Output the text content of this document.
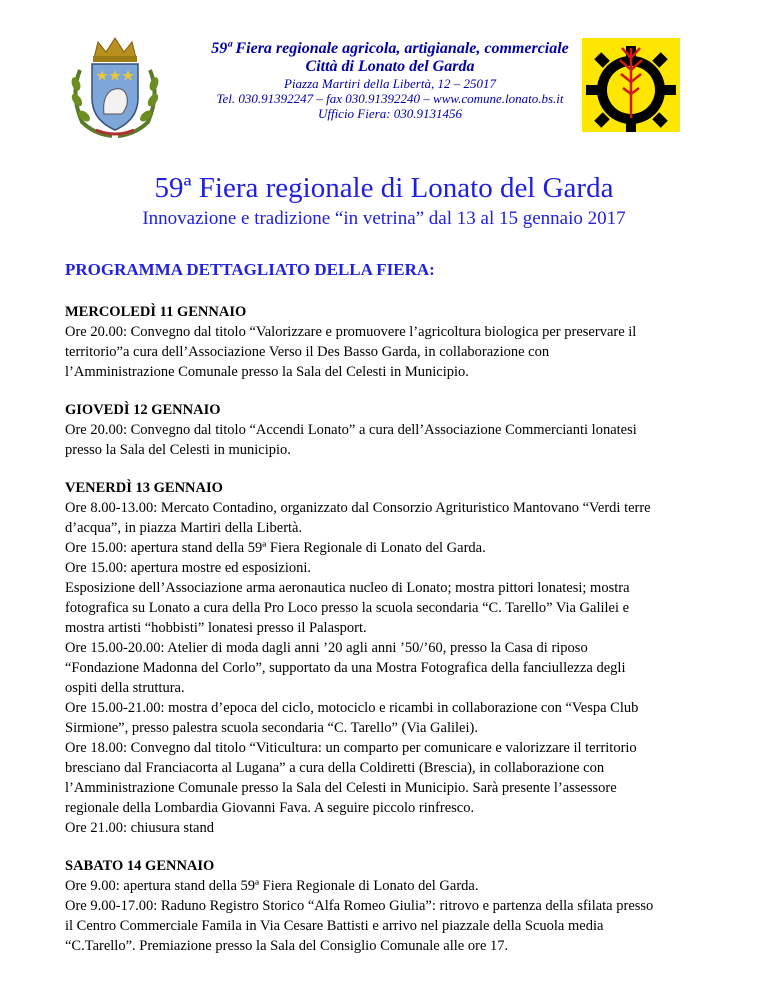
59ª Fiera regionale agricola, artigianale, commerciale
Città di Lonato del Garda
Piazza Martiri della Libertà, 12 – 25017
Tel. 030.91392247 – fax 030.91392240 – www.comune.lonato.bs.it
Ufficio Fiera: 030.9131456
59ª Fiera regionale di Lonato del Garda
Innovazione e tradizione “in vetrina” dal 13 al 15 gennaio 2017
PROGRAMMA DETTAGLIATO DELLA FIERA:
MERCOLEDÌ 11 GENNAIO
Ore 20.00: Convegno dal titolo “Valorizzare e promuovere l’agricoltura biologica per preservare il
territorio”a cura dell’Associazione Verso il Des Basso Garda, in collaborazione con
l’Amministrazione Comunale presso la Sala del Celesti in Municipio.
GIOVEDÌ 12 GENNAIO
Ore 20.00: Convegno dal titolo “Accendi Lonato” a cura dell’Associazione Commercianti lonatesi
presso la Sala del Celesti in municipio.
VENERDÌ 13 GENNAIO
Ore 8.00-13.00: Mercato Contadino, organizzato dal Consorzio Agrituristico Mantovano “Verdi terre
d’acqua”, in piazza Martiri della Libertà.
Ore 15.00: apertura stand della 59ª Fiera Regionale di Lonato del Garda.
Ore 15.00: apertura mostre ed esposizioni.
Esposizione dell’Associazione arma aeronautica nucleo di Lonato; mostra pittori lonatesi; mostra
fotografica su Lonato a cura della Pro Loco presso la scuola secondaria “C. Tarello” Via Galilei e
mostra artisti “hobbisti” lonatesi presso il Palasport.
Ore 15.00-20.00: Atelier di moda dagli anni ’20 agli anni ’50/’60, presso la Casa di riposo
“Fondazione Madonna del Corlo”, supportato da una Mostra Fotografica della fanciullezza degli
ospiti della struttura.
Ore 15.00-21.00: mostra d’epoca del ciclo, motociclo e ricambi in collaborazione con “Vespa Club
Sirmione”, presso palestra scuola secondaria “C. Tarello” (Via Galilei).
Ore 18.00: Convegno dal titolo “Viticultura: un comparto per comunicare e valorizzare il territorio
bresciano dal Franciacorta al Lugana” a cura della Coldiretti (Brescia), in collaborazione con
l’Amministrazione Comunale presso la Sala del Celesti in Municipio. Sarà presente l’assessore
regionale della Lombardia Giovanni Fava. A seguire piccolo rinfresco.
Ore 21.00: chiusura stand
SABATO 14 GENNAIO
Ore 9.00: apertura stand della 59ª Fiera Regionale di Lonato del Garda.
Ore 9.00-17.00: Raduno Registro Storico “Alfa Romeo Giulia”: ritrovo e partenza della sfilata presso
il Centro Commerciale Famila in Via Cesare Battisti e arrivo nel piazzale della Scuola media
“C.Tarello”. Premiazione presso la Sala del Consiglio Comunale alle ore 17.
